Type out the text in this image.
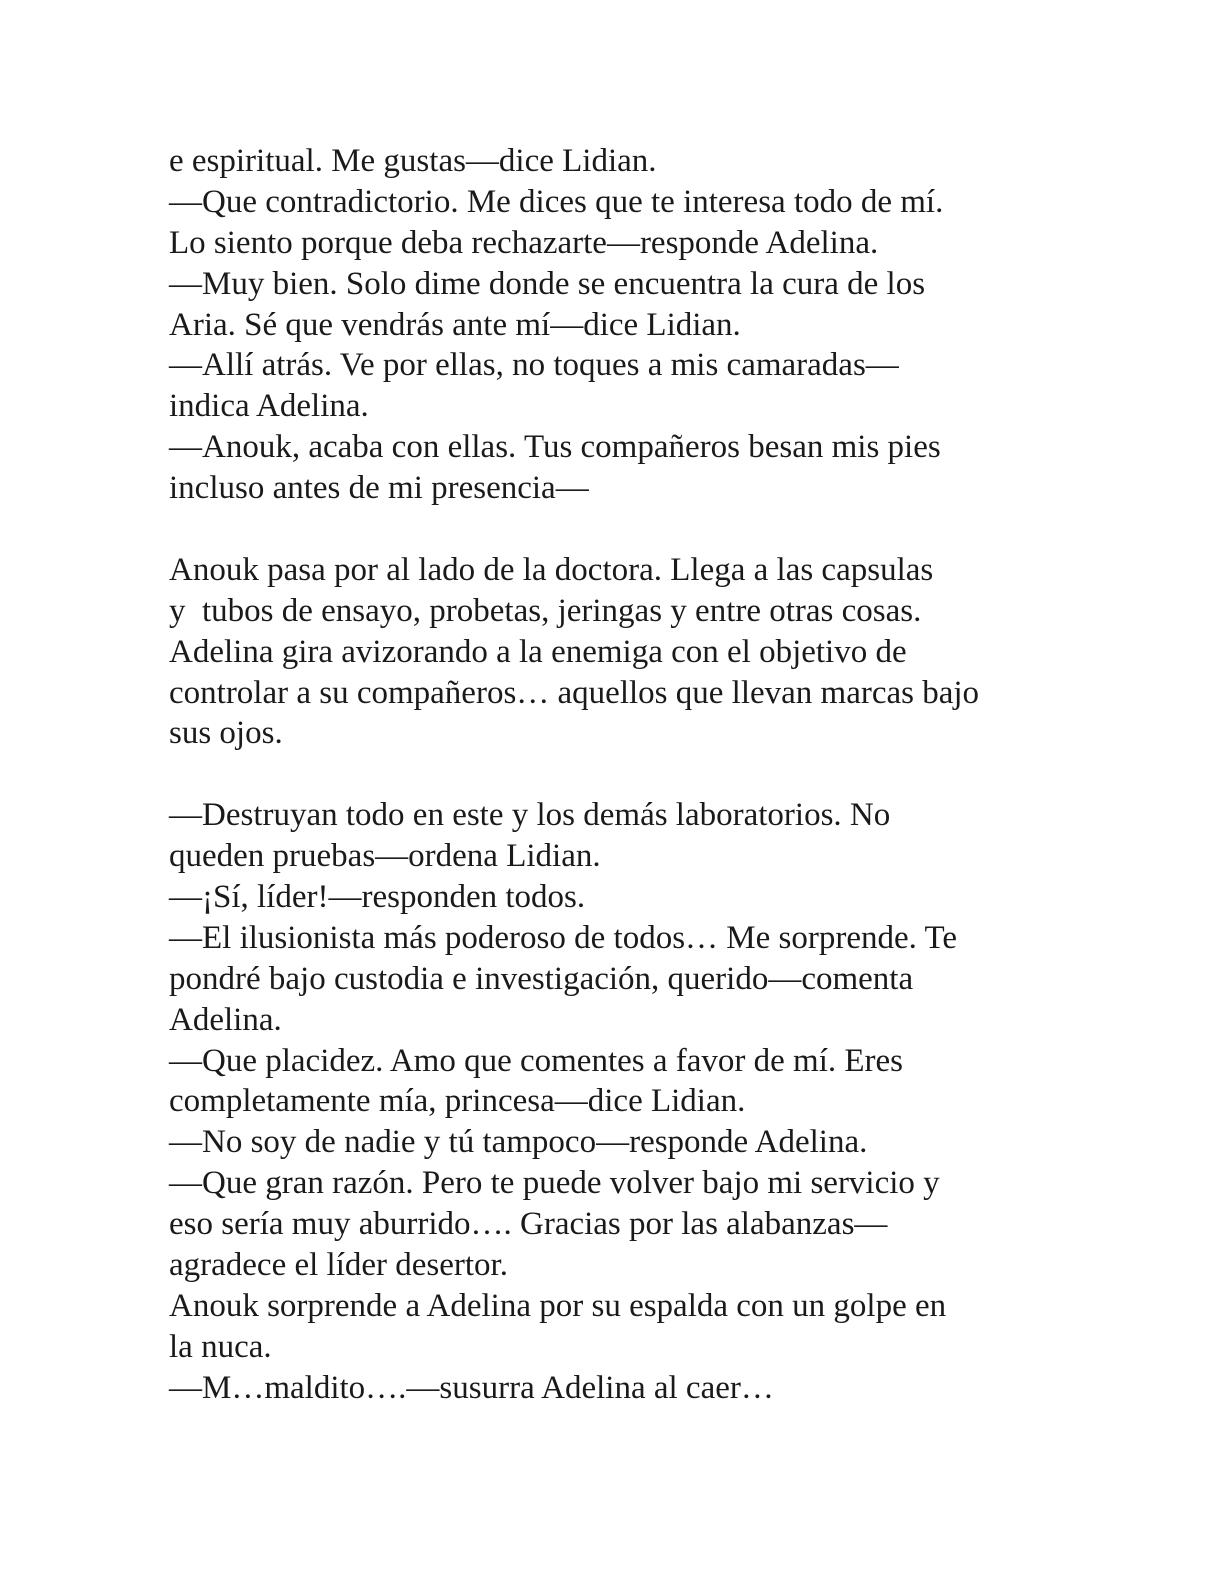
e espiritual. Me gustas—dice Lidian.
—Que contradictorio. Me dices que te interesa todo de mí.
Lo siento porque deba rechazarte—responde Adelina.
—Muy bien. Solo dime donde se encuentra la cura de los
Aria. Sé que vendrás ante mí—dice Lidian.
—Allí atrás. Ve por ellas, no toques a mis camaradas—
indica Adelina.
—Anouk, acaba con ellas. Tus compañeros besan mis pies
incluso antes de mi presencia—
Anouk pasa por al lado de la doctora. Llega a las capsulas
y  tubos de ensayo, probetas, jeringas y entre otras cosas.
Adelina gira avizorando a la enemiga con el objetivo de
controlar a su compañeros… aquellos que llevan marcas bajo
sus ojos.
—Destruyan todo en este y los demás laboratorios. No
queden pruebas—ordena Lidian.
—¡Sí, líder!—responden todos.
—El ilusionista más poderoso de todos… Me sorprende. Te
pondré bajo custodia e investigación, querido—comenta
Adelina.
—Que placidez. Amo que comentes a favor de mí. Eres
completamente mía, princesa—dice Lidian.
—No soy de nadie y tú tampoco—responde Adelina.
—Que gran razón. Pero te puede volver bajo mi servicio y
eso sería muy aburrido…. Gracias por las alabanzas—
agradece el líder desertor.
Anouk sorprende a Adelina por su espalda con un golpe en
la nuca.
—M…maldito….—susurra Adelina al caer…
